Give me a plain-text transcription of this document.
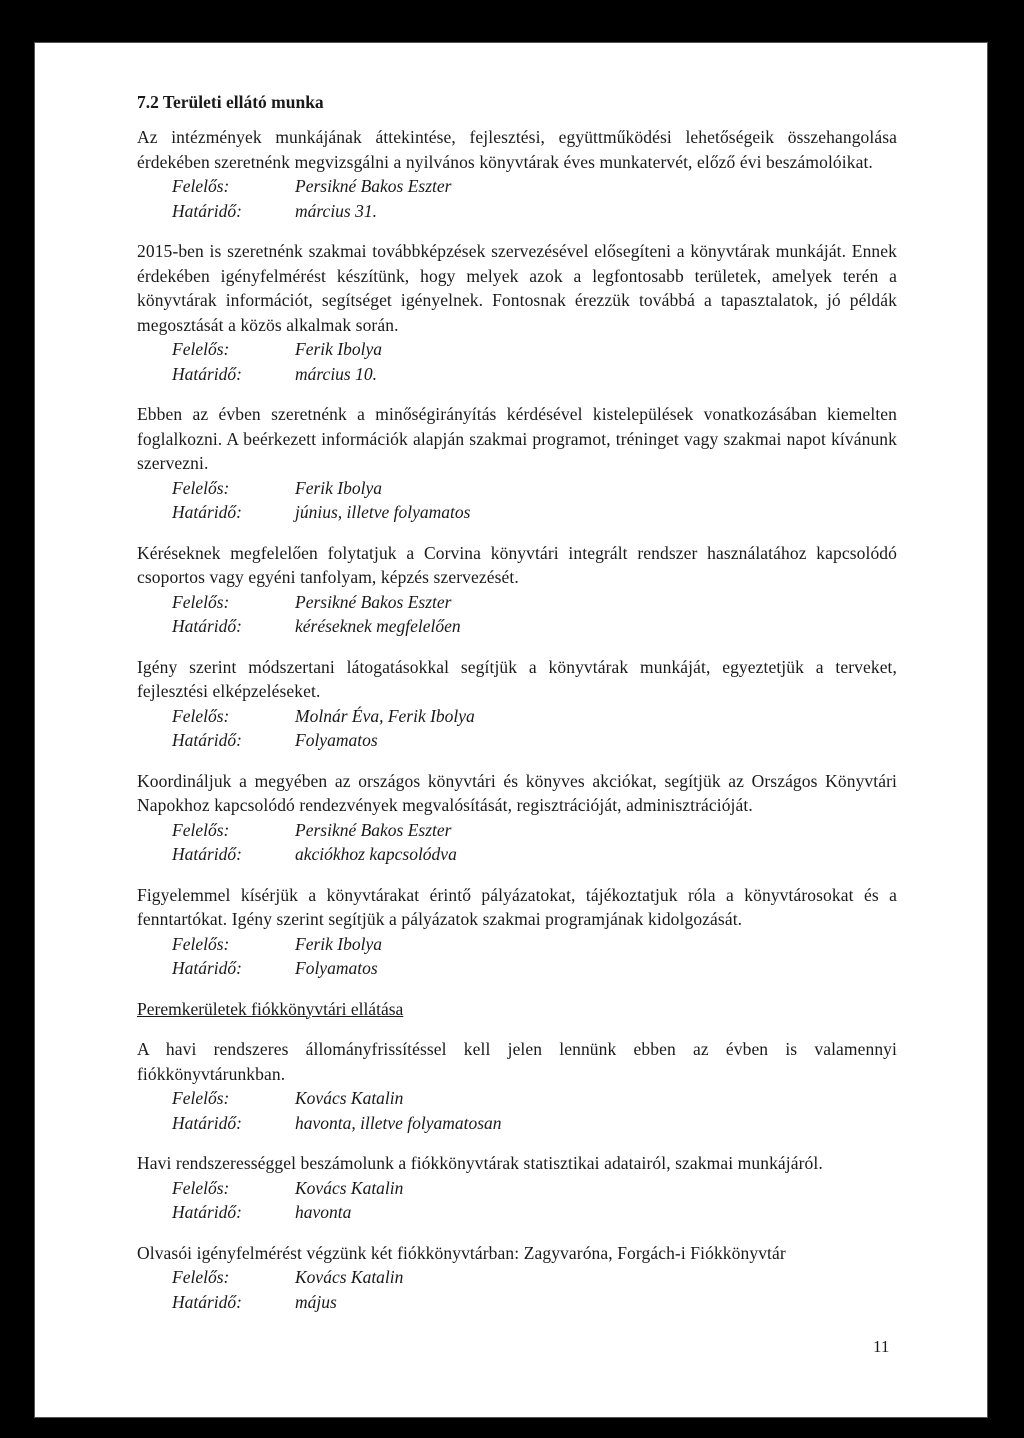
7.2 Területi ellátó munka

Az intézmények munkájának áttekintése, fejlesztési, együttműködési lehetőségeik összehangolása érdekében szeretnénk megvizsgálni a nyilvános könyvtárak éves munkatervét, előző évi beszámolóikat.

Felelős:	Persikné Bakos Eszter
Határidő:	március 31.

2015-ben is szeretnénk szakmai továbbképzések szervezésével elősegíteni a könyvtárak munkáját. Ennek érdekében igényfelmérést készítünk, hogy melyek azok a legfontosabb területek, amelyek terén a könyvtárak információt, segítséget igényelnek. Fontosnak érezzük továbbá a tapasztalatok, jó példák megosztását a közös alkalmak során.

Felelős:	Ferik Ibolya
Határidő:	március 10.

Ebben az évben szeretnénk a minőségirányítás kérdésével kistelepülések vonatkozásában kiemelten foglalkozni. A beérkezett információk alapján szakmai programot, tréninget vagy szakmai napot kívánunk szervezni.

Felelős:	Ferik Ibolya
Határidő:	június, illetve folyamatos

Kéréseknek megfelelően folytatjuk a Corvina könyvtári integrált rendszer használatához kapcsolódó csoportos vagy egyéni tanfolyam, képzés szervezését.

Felelős:	Persikné Bakos Eszter
Határidő:	kéréseknek megfelelően

Igény szerint módszertani látogatásokkal segítjük a könyvtárak munkáját, egyeztetjük a terveket, fejlesztési elképzeléseket.

Felelős:	Molnár Éva, Ferik Ibolya
Határidő:	Folyamatos

Koordináljuk a megyében az országos könyvtári és könyves akciókat, segítjük az Országos Könyvtári Napokhoz kapcsolódó rendezvények megvalósítását, regisztrációját, adminisztrációját.

Felelős:	Persikné Bakos Eszter
Határidő:	akciókhoz kapcsolódva

Figyelemmel kísérjük a könyvtárakat érintő pályázatokat, tájékoztatjuk róla a könyvtárosokat és a fenntartókat. Igény szerint segítjük a pályázatok szakmai programjának kidolgozását.

Felelős:	Ferik Ibolya
Határidő:	Folyamatos
Peremkerületek fiókkönyvtári ellátása

A havi rendszeres állományfrissítéssel kell jelen lennünk ebben az évben is valamennyi fiókkönyvtárunkban.

Felelős:	Kovács Katalin
Határidő:	havonta, illetve folyamatosan

Havi rendszerességgel beszámolunk a fiókkönyvtárak statisztikai adatairól, szakmai munkájáról.

Felelős:	Kovács Katalin
Határidő:	havonta

Olvasói igényfelmérést végzünk két fiókkönyvtárban: Zagyvaróna, Forgách-i Fiókkönyvtár

Felelős:	Kovács Katalin
Határidő:	május
11
